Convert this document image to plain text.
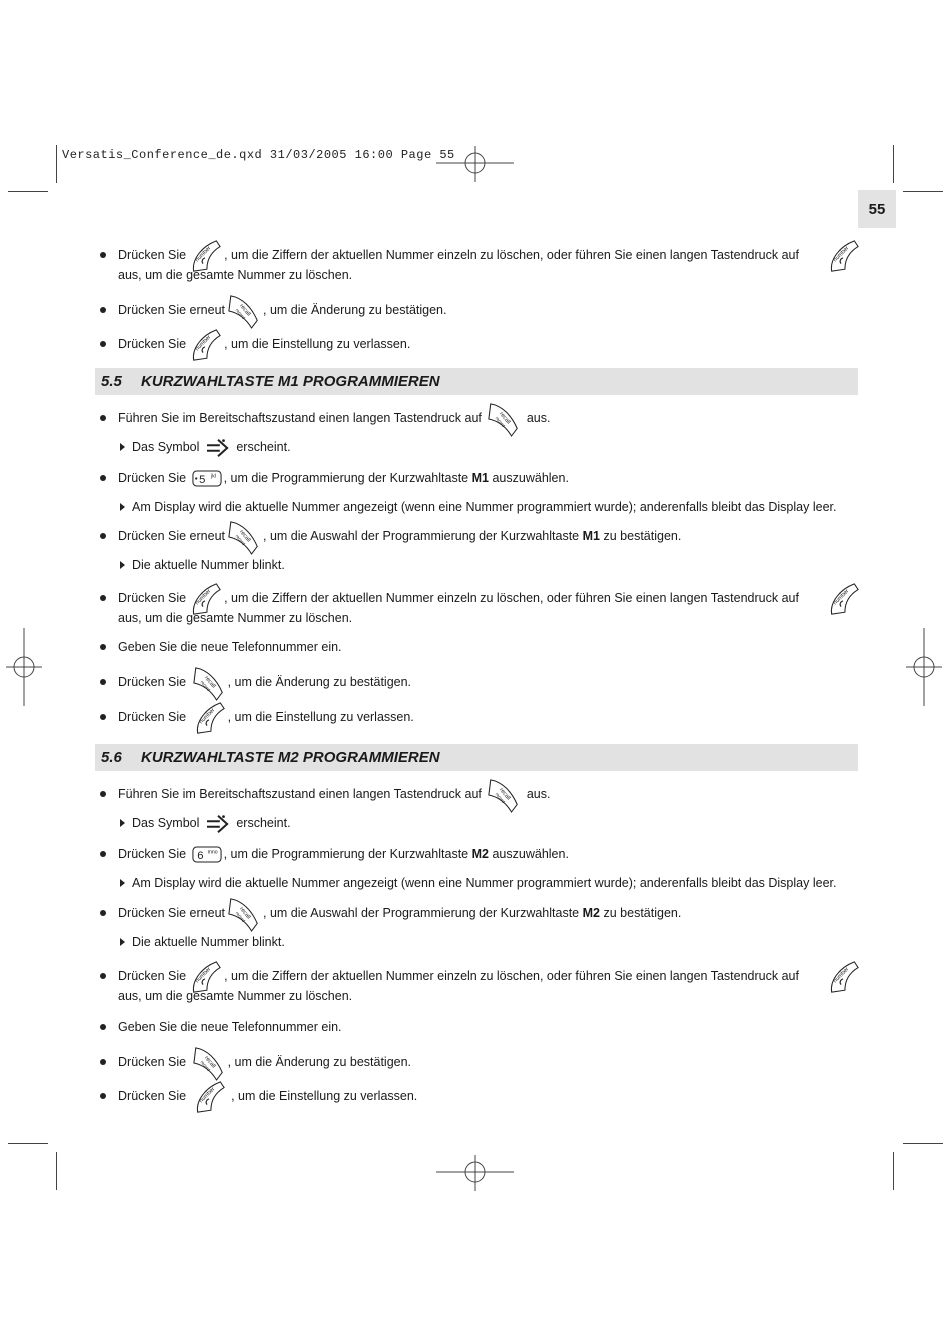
Versatis_Conference_de.qxd 31/03/2005 16:00 Page 55
55

Drücken Sie	, um die Ziffern der aktuellen Nummer einzeln zu löschen, oder führen Sie einen langen Tastendruck auf

aus, um die gesamte Nummer zu löschen.

Drücken Sie erneut	, um die Änderung zu bestätigen.

Drücken Sie	, um die Einstellung zu verlassen.

5.5 KURZWAHLTASTE M1 PROGRAMMIEREN

Führen Sie im Bereitschaftszustand einen langen Tastendruck auf	aus.

Das Symbol	erscheint.

Drücken Sie	, um die Programmierung der Kurzwahltaste M1 auszuwählen.

Am Display wird die aktuelle Nummer angezeigt (wenn eine Nummer programmiert wurde); anderenfalls bleibt das Display leer.

Drücken Sie erneut	, um die Auswahl der Programmierung der Kurzwahltaste M1 zu bestätigen.

Die aktuelle Nummer blinkt.

Drücken Sie	, um die Ziffern der aktuellen Nummer einzeln zu löschen, oder führen Sie einen langen Tastendruck auf

aus, um die gesamte Nummer zu löschen.

Geben Sie die neue Telefonnummer ein.

Drücken Sie	, um die Änderung zu bestätigen.

Drücken Sie	, um die Einstellung zu verlassen.

5.6 KURZWAHLTASTE M2 PROGRAMMIEREN

Führen Sie im Bereitschaftszustand einen langen Tastendruck auf	aus.

Das Symbol	erscheint.

Drücken Sie	, um die Programmierung der Kurzwahltaste M2 auszuwählen.

Am Display wird die aktuelle Nummer angezeigt (wenn eine Nummer programmiert wurde); anderenfalls bleibt das Display leer.

Drücken Sie erneut	, um die Auswahl der Programmierung der Kurzwahltaste M2 zu bestätigen.

Die aktuelle Nummer blinkt.

Drücken Sie	, um die Ziffern der aktuellen Nummer einzeln zu löschen, oder führen Sie einen langen Tastendruck auf

aus, um die gesamte Nummer zu löschen.

Geben Sie die neue Telefonnummer ein.

Drücken Sie	, um die Änderung zu bestätigen.

Drücken Sie	, um die Einstellung zu verlassen.
